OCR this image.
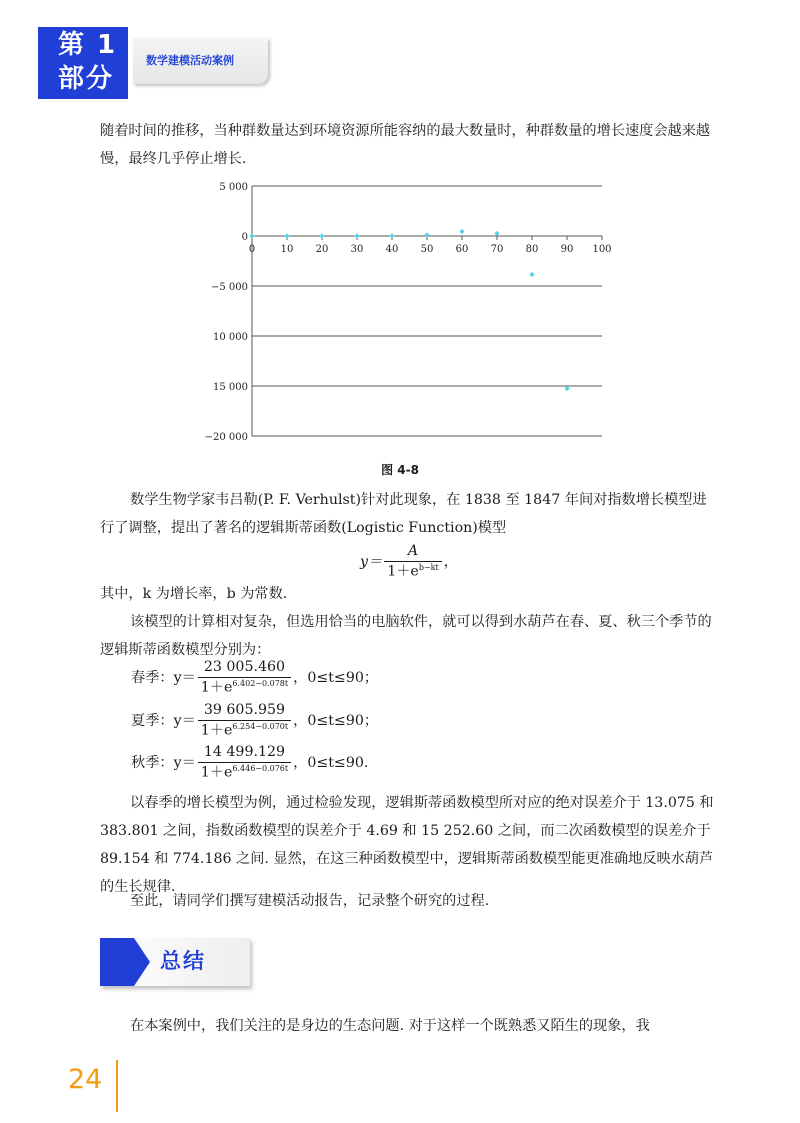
第 1
部分
数学建模活动案例

随着时间的推移，当种群数量达到环境资源所能容纳的最大数量时，种群数量的增长速度会越来越慢，最终几乎停止增长.

5 000
0
−5 000
10 000
15 000
−20 000
0	10 20 30 40 50 60 70 80 90 100
图 4-8

数学生物学家韦吕勒(P. F. Verhulst)针对此现象，在 1838 至 1847 年间对指数增长模型进行了调整，提出了著名的逻辑斯蒂函数(Logistic Function)模型

$y= \frac{A}{1+e^{b-kt}}$ ，

其中，k 为增长率，b 为常数.

该模型的计算相对复杂，但选用恰当的电脑软件，就可以得到水葫芦在春、夏、秋三个季节的逻辑斯蒂函数模型分别为：

春季：$y= \frac{23 005.460}{1+e^{6.402-0.078t}}$ ，0≤t≤90；
夏季：$y= \frac{39 605.959}{1+e^{6.254-0.070t}}$ ，0≤t≤90；
秋季：$y= \frac{14 499.129}{1+e^{6.446-0.076t}}$ ，0≤t≤90.

以春季的增长模型为例，通过检验发现，逻辑斯蒂函数模型所对应的绝对误差介于 13.075 和 383.801 之间，指数函数模型的误差介于 4.69 和 15 252.60 之间，而二次函数模型的误差介于 89.154 和 774.186 之间. 显然，在这三种函数模型中，逻辑斯蒂函数模型能更准确地反映水葫芦的生长规律.

至此，请同学们撰写建模活动报告，记录整个研究的过程.

总结

在本案例中，我们关注的是身边的生态问题. 对于这样一个既熟悉又陌生的现象，我

24
